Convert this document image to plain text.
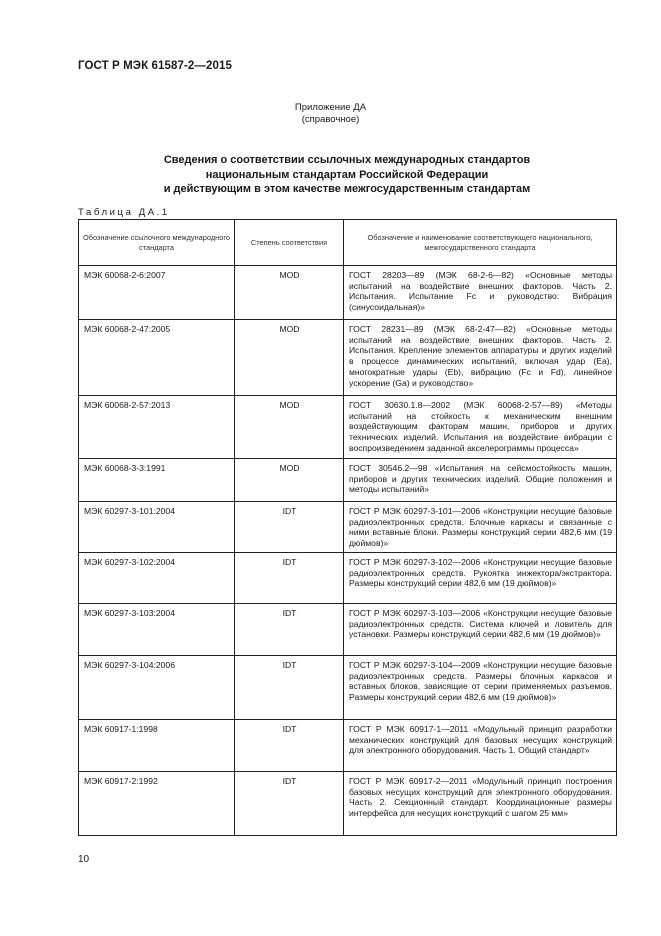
ГОСТ Р МЭК 61587-2—2015
Приложение ДА
(справочное)
Сведения о соответствии ссылочных международных стандартов
национальным стандартам Российской Федерации
и действующим в этом качестве межгосударственным стандартам
Таблица ДА.1
Обозначение ссылочного международного стандарта	Степень соответствия	Обозначение и наименование соответствующего национального, межгосударственного стандарта
МЭК 60068-2-6:2007	MOD	ГОСТ 28203—89 (МЭК 68-2-6—82) «Основные методы испытаний на воздействие внешних факторов. Часть 2. Испытания. Испытание Fc и руководство: Вибрация (синусоидальная)»
МЭК 60068-2-47:2005	MOD	ГОСТ 28231—89 (МЭК 68-2-47—82) «Основные методы испытаний на воздействие внешних факторов. Часть 2. Испытания. Крепление элементов аппаратуры и других изделий в процессе динамических испытаний, включая удар (Ea), многократные удары (Eb), вибрацию (Fc и Fd), линейное ускорение (Ga) и руководство»
МЭК 60068-2-57:2013	MOD	ГОСТ 30630.1.8—2002 (МЭК 60068-2-57—89) «Методы испытаний на стойкость к механическим внешним воздействующим факторам машин, приборов и других технических изделий. Испытания на воздействие вибрации с воспроизведением заданной акселерограммы процесса»
МЭК 60068-3-3:1991	MOD	ГОСТ 30546.2—98 «Испытания на сейсмостойкость машин, приборов и других технических изделий. Общие положения и методы испытаний»
МЭК 60297-3-101:2004	IDT	ГОСТ Р МЭК 60297-3-101—2006 «Конструкции несущие базовые радиоэлектронных средств. Блочные каркасы и связанные с ними вставные блоки. Размеры конструкций серии 482,6 мм (19 дюймов)»
МЭК 60297-3-102:2004	IDT	ГОСТ Р МЭК 60297-3-102—2006 «Конструкции несущие базовые радиоэлектронных средств. Рукоятка инжектора/экстрактора. Размеры конструкций серии 482,6 мм (19 дюймов)»
МЭК 60297-3-103:2004	IDT	ГОСТ Р МЭК 60297-3-103—2006 «Конструкции несущие базовые радиоэлектронных средств. Система ключей и ловитель для установки. Размеры конструкций серии 482,6 мм (19 дюймов)»
МЭК 60297-3-104:2006	IDT	ГОСТ Р МЭК 60297-3-104—2009 «Конструкции несущие базовые радиоэлектронных средств. Размеры блочных каркасов и вставных блоков, зависящие от серии применяемых разъемов. Размеры конструкций серии 482,6 мм (19 дюймов)»
МЭК 60917-1:1998	IDT	ГОСТ Р МЭК 60917-1—2011 «Модульный принцип разработки механических конструкций для базовых несущих конструкций для электронного оборудования. Часть 1. Общий стандарт»
МЭК 60917-2:1992	IDT	ГОСТ Р МЭК 60917-2—2011 «Модульный принцип построения базовых несущих конструкций для электронного оборудования. Часть 2. Секционный стандарт. Координационные размеры интерфейса для несущих конструкций с шагом 25 мм»
10
